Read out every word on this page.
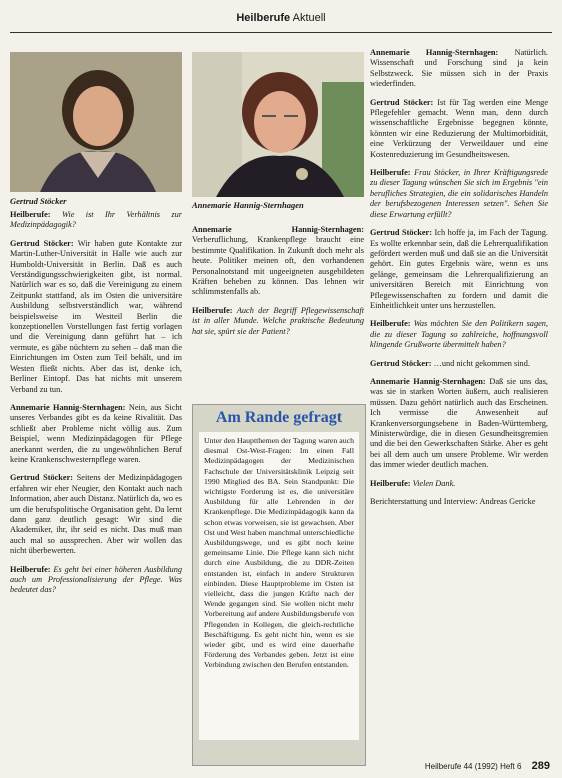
Heilberufe Aktuell
Gertrud Stöcker	Annemarie Hannig-Sternhagen

Heilberufe: Wie ist Ihr Verhältnis zur Medizinpädagogik?

Gertrud Stöcker: Wir haben gute Kontakte zur Martin-Luther-Universität in Halle wie auch zur Humboldt-Universität in Berlin. Daß es auch Verständigungsschwierigkeiten gibt, ist normal. Natürlich war es so, daß die Vereinigung zu einem Zeitpunkt stattfand, als im Osten die universitäre Ausbildung selbstverständlich war, während beispielsweise im Westteil Berlin die konzeptionellen Vorstellungen fast fertig vorlagen und die Vereinigung dann geführt hat – ich vermute, es gäbe nüchtern zu sehen – daß man die Einrichtungen im Osten zum Teil behält, und im Westen fließt nichts. Aber das ist, denke ich, Berliner Eintopf. Das hat nichts mit unserem Verband zu tun.

Annemarie Hannig-Sternhagen: Nein, aus Sicht unseres Verbandes gibt es da keine Rivalität. Das schließt aber Probleme nicht völlig aus. Zum Beispiel, wenn Medizinpädagogen für Pflege anerkannt werden, die zu ungewöhnlichen Beruf keine Krankenschwesternpflege waren.

Gertrud Stöcker: Seitens der Medizinpädagogen erfahren wir eher Neugier, den Kontakt auch nach Information, aber auch Distanz. Natürlich da, wo es um die berufspolitische Organisation geht. Da lernt dann ganz deutlich gesagt: Wir sind die Akademiker, ihr, ihr seid es nicht. Das muß man auch mal so aussprechen. Aber wir wollen das nicht überbewerten.

Heilberufe: Es geht bei einer höheren Ausbildung auch um Professionalisierung der Pflege. Was bedeutet das?

Annemarie Hannig-Sternhagen: Verberuflichung, Krankenpflege braucht eine bestimmte Qualifikation. In Zukunft doch mehr als heute. Politiker meinen oft, den vorhandenen Personalnotstand mit ungeeigneten ausgebildeten Kräften beheben zu können. Das lehnen wir schlimmstenfalls ab.

Heilberufe: Auch der Begriff Pflegewissenschaft ist in aller Munde. Welche praktische Bedeutung hat sie, spürt sie der Patient?

Annemarie Hannig-Sternhagen: Natürlich. Wissenschaft und Forschung sind ja kein Selbstzweck. Sie müssen sich in der Praxis wiederfinden.

Gertrud Stöcker: Ist für Tag werden eine Menge Pflegefehler gemacht. Wenn man, denn durch wissenschaftliche Ergebnisse begegnen könnte, könnten wir eine Reduzierung der Multimorbidität, eine Verkürzung der Verweildauer und eine Kostenreduzierung im Gesundheitswesen.

Heilberufe: Frau Stöcker, in Ihrer Kräftigungsrede zu dieser Tagung wünschen Sie sich im Ergebnis "ein berufliches Strategien, die ein solidarisches Handeln der berufsbezogenen Interessen setzen". Sehen Sie diese Erwartung erfüllt?

Gertrud Stöcker: Ich hoffe ja, im Fach der Tagung. Es wollte erkennbar sein, daß die Lehrerqualifikation gefördert werden muß und daß sie an die Universität gehört. Ein gutes Ergebnis wäre, wenn es uns gelänge, gemeinsam die Lehrerqualifizierung an universitären Bereich mit Einrichtung von Pflegewissenschaften zu fordern und damit die Einheitlichkeit unter uns herzustellen.

Heilberufe: Was möchten Sie den Politikern sagen, die zu dieser Tagung so zahlreiche, hoffnungsvoll klingende Grußworte übermittelt haben?

Gertrud Stöcker: …und nicht gekommen sind.

Annemarie Hannig-Sternhagen: Daß sie uns das, was sie in starken Worten äußern, auch realisieren müssen. Dazu gehört natürlich auch das Erscheinen. Ich vermisse die Anwesenheit auf Krankenversorgungsebene in Baden-Württemberg, Ministerwürdige, die in diesen Gesundheitsgremien und die bei den Gewerkschaften Stärke. Aber es geht bei all dem auch um unsere Probleme. Wir werden das immer wieder deutlich machen.

Heilberufe: Vielen Dank.

Berichterstattung und Interview: Andreas Gericke

Am Rande gefragt
Unter den Hauptthemen der Tagung waren auch diesmal Ost-West-Fragen: Im einen Fall Medizinpädagogen der Medizinischen Fachschule der Universitätsklinik Leipzig seit 1990 Mitglied des BA. Sein Standpunkt: Die wichtigste Forderung ist es, die universitäre Ausbildung für alle Lehrenden in der Krankenpflege. Die Medizinpädagogik kann da schon etwas vorweisen, sie ist gewachsen. Aber Ost und West haben manchmal unterschiedliche Ausbildungswege, und es gibt noch keine gemeinsame Linie. Die Pflege kann sich nicht durch eine Ausbildung, die zu DDR-Zeiten entstanden ist, einfach in andere Strukturen einbinden. Diese Hauptprobleme im Osten ist vielleicht, dass die jungen Kräfte nach der Wende gegangen sind. Sie wollen nicht mehr Vorbereitung auf andere Ausbildungsberufe von Pflegenden in Kollegen, die gleich-rechtliche Beschäftigung. Es geht nicht hin, wenn es sie wieder gibt, und es wird eine dauerhafte Förderung des Verbandes geben. Jetzt ist eine Verbindung zwischen den Berufen entstanden.
Heilberufe 44 (1992) Heft 6 289
